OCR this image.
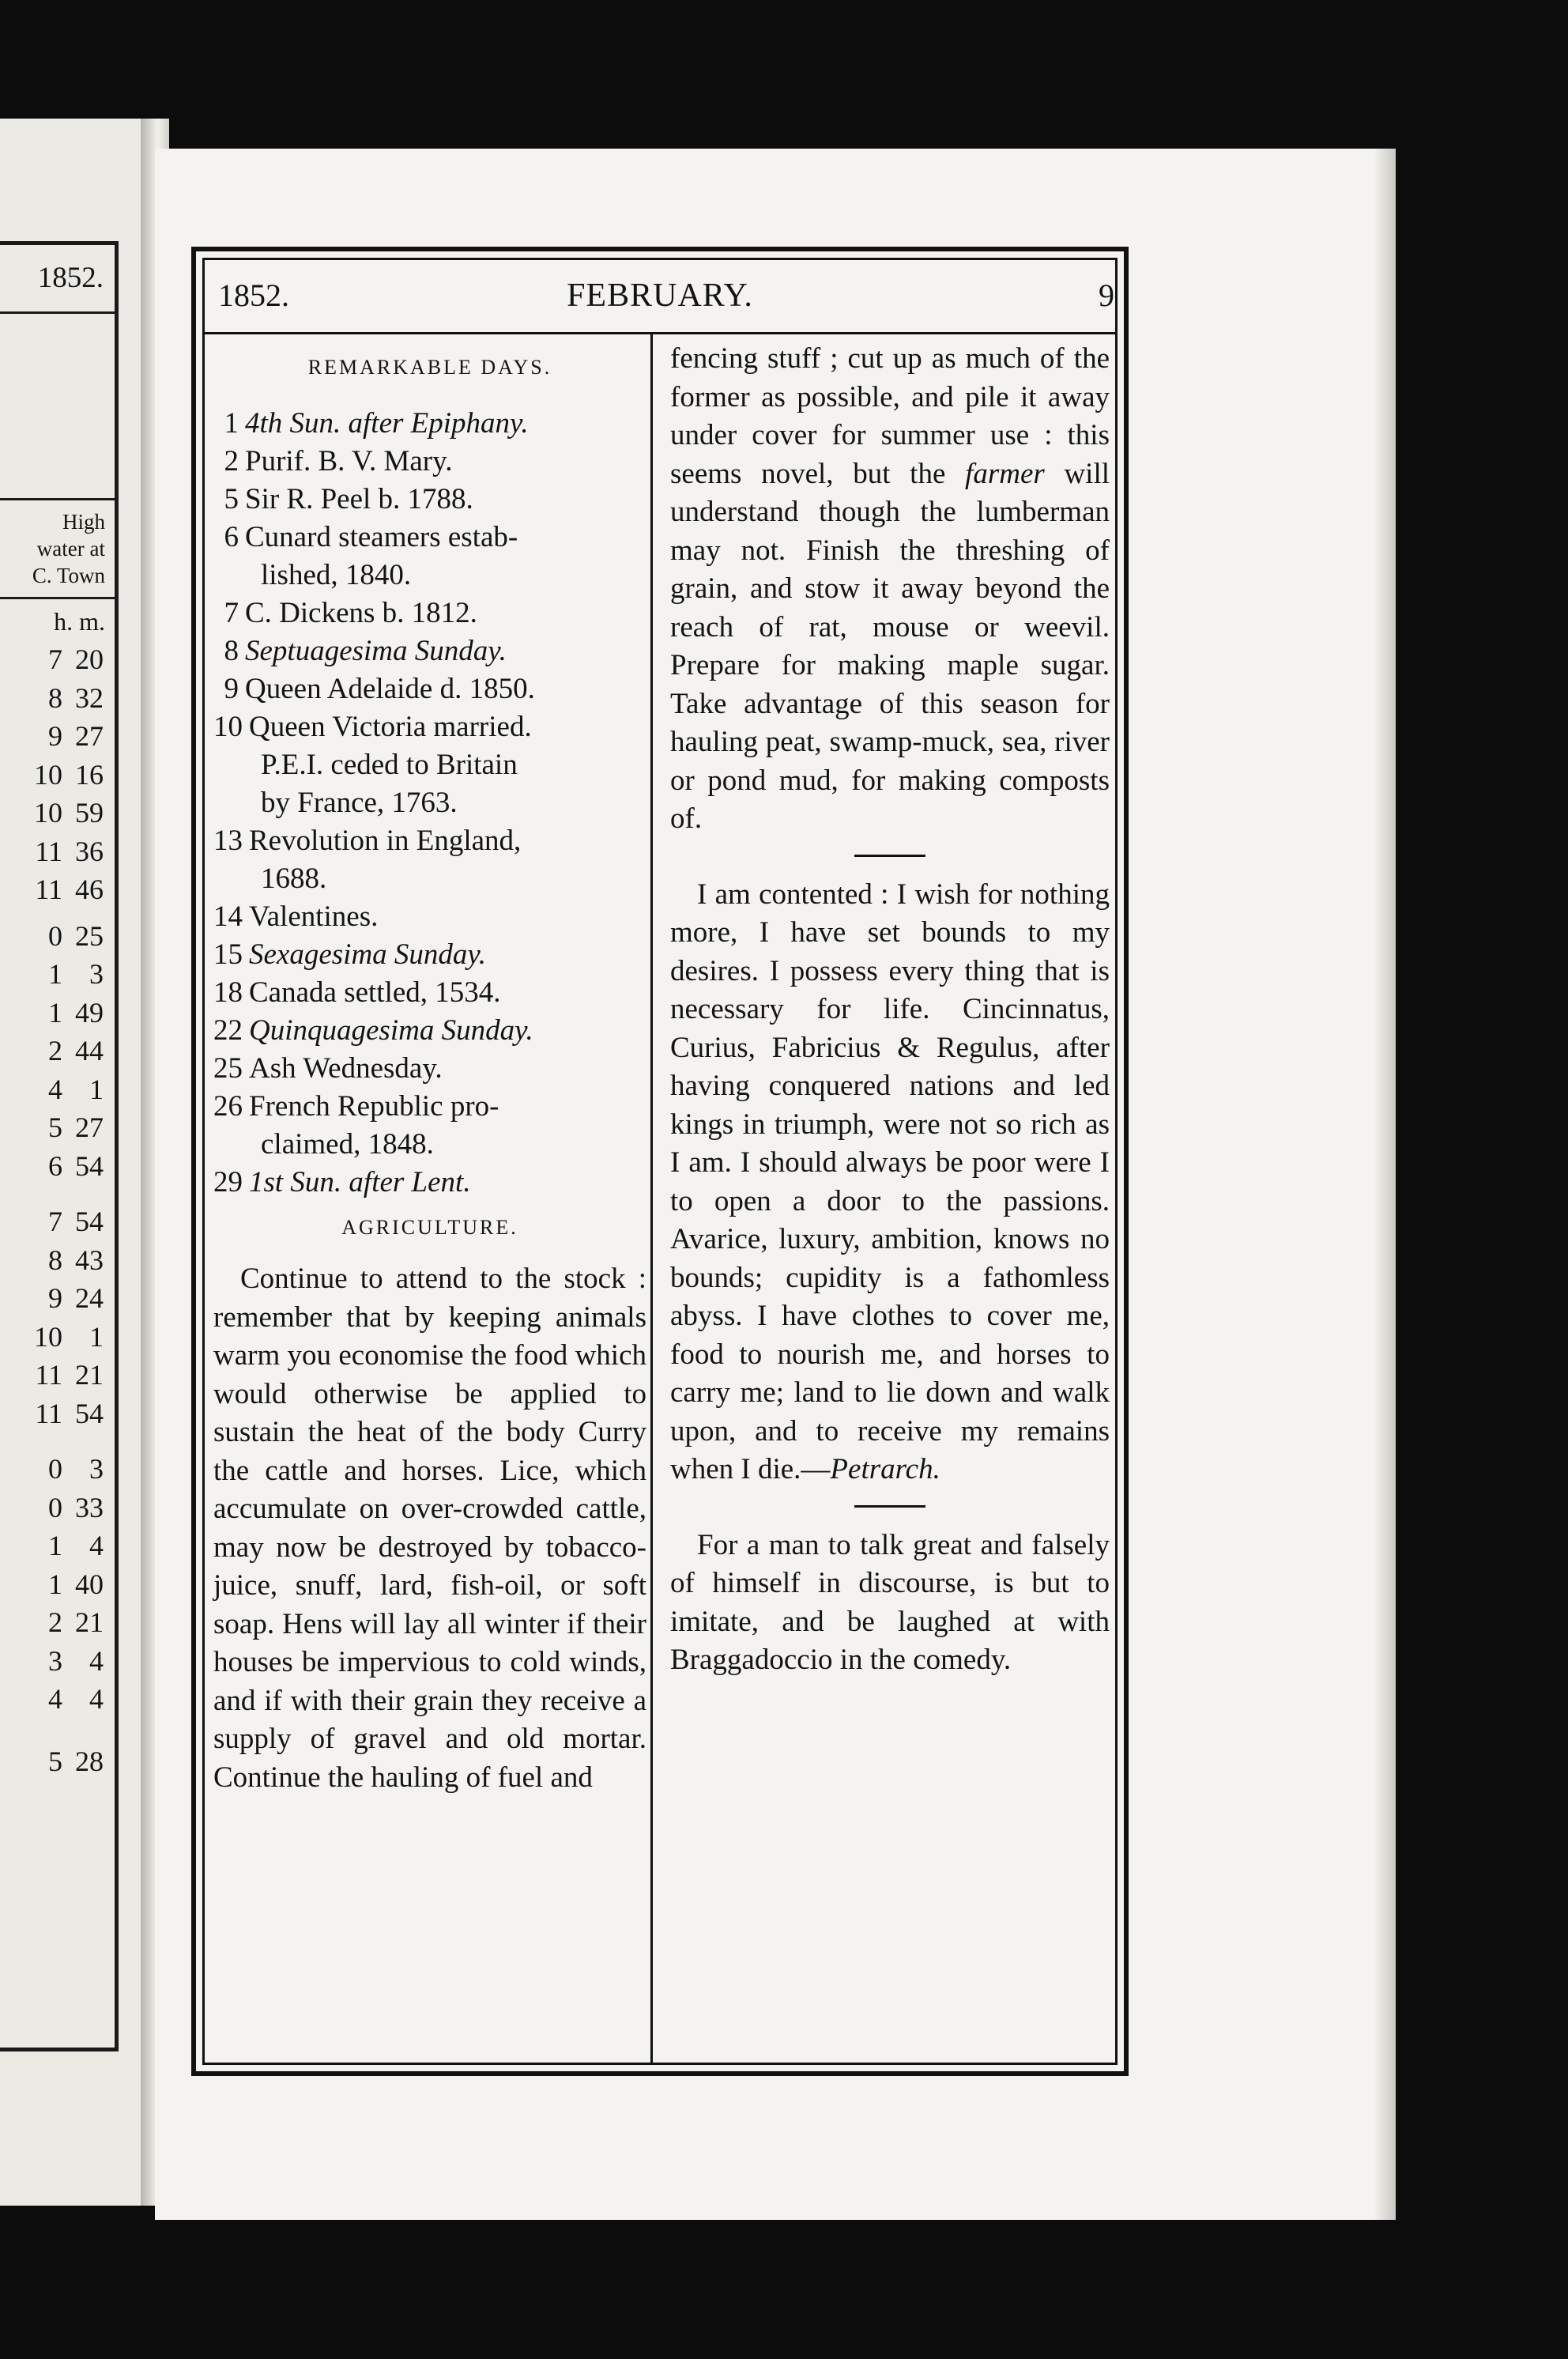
1852.
High
water at
C. Town
h. m.
7 20
8 32
9 27
10 16
10 59
11 36
11 46
0 25
1 3
1 49
2 44
4 1
5 27
6 54
7 54
8 43
9 24
10 1
11 21
11 54
0 3
0 33
1 4
1 40
2 21
3 4
4 4
5 28
1852.	FEBRUARY.	9

REMARKABLE DAYS.

1 4th Sun. after Epiphany.

2 Purif. B. V. Mary.

5 Sir R. Peel b. 1788.

6 Cunard steamers estab-

lished, 1840.

7 C. Dickens b. 1812.

8 Septuagesima Sunday.

9 Queen Adelaide d. 1850.

10 Queen Victoria married.

P.E.I. ceded to Britain

by France, 1763.

13 Revolution in England,

1688.

14 Valentines.

15 Sexagesima Sunday.

18 Canada settled, 1534.

22 Quinquagesima Sunday.

25 Ash Wednesday.

26 French Republic pro-

claimed, 1848.

29 1st Sun. after Lent.

AGRICULTURE.

Continue to attend to the stock : remember that by keeping animals warm you economise the food which would otherwise be applied to sustain the heat of the body Curry the cattle and horses. Lice, which accumulate on over-crowded cattle, may now be destroyed by tobacco-juice, snuff, lard, fish-oil, or soft soap. Hens will lay all winter if their houses be impervious to cold winds, and if with their grain they receive a supply of gravel and old mortar. Continue the hauling of fuel and

fencing stuff ; cut up as much of the former as possible, and pile it away under cover for summer use : this seems novel, but the farmer will understand though the lumberman may not. Finish the threshing of grain, and stow it away beyond the reach of rat, mouse or weevil. Prepare for making maple sugar. Take advantage of this season for hauling peat, swamp-muck, sea, river or pond mud, for making composts of.

I am contented : I wish for nothing more, I have set bounds to my desires. I possess every thing that is necessary for life. Cincinnatus, Curius, Fabricius & Regulus, after having conquered nations and led kings in triumph, were not so rich as I am. I should always be poor were I to open a door to the passions. Avarice, luxury, ambition, knows no bounds; cupidity is a fathomless abyss. I have clothes to cover me, food to nourish me, and horses to carry me; land to lie down and walk upon, and to receive my remains when I die.—Petrarch.

For a man to talk great and falsely of himself in discourse, is but to imitate, and be laughed at with Braggadoccio in the comedy.
